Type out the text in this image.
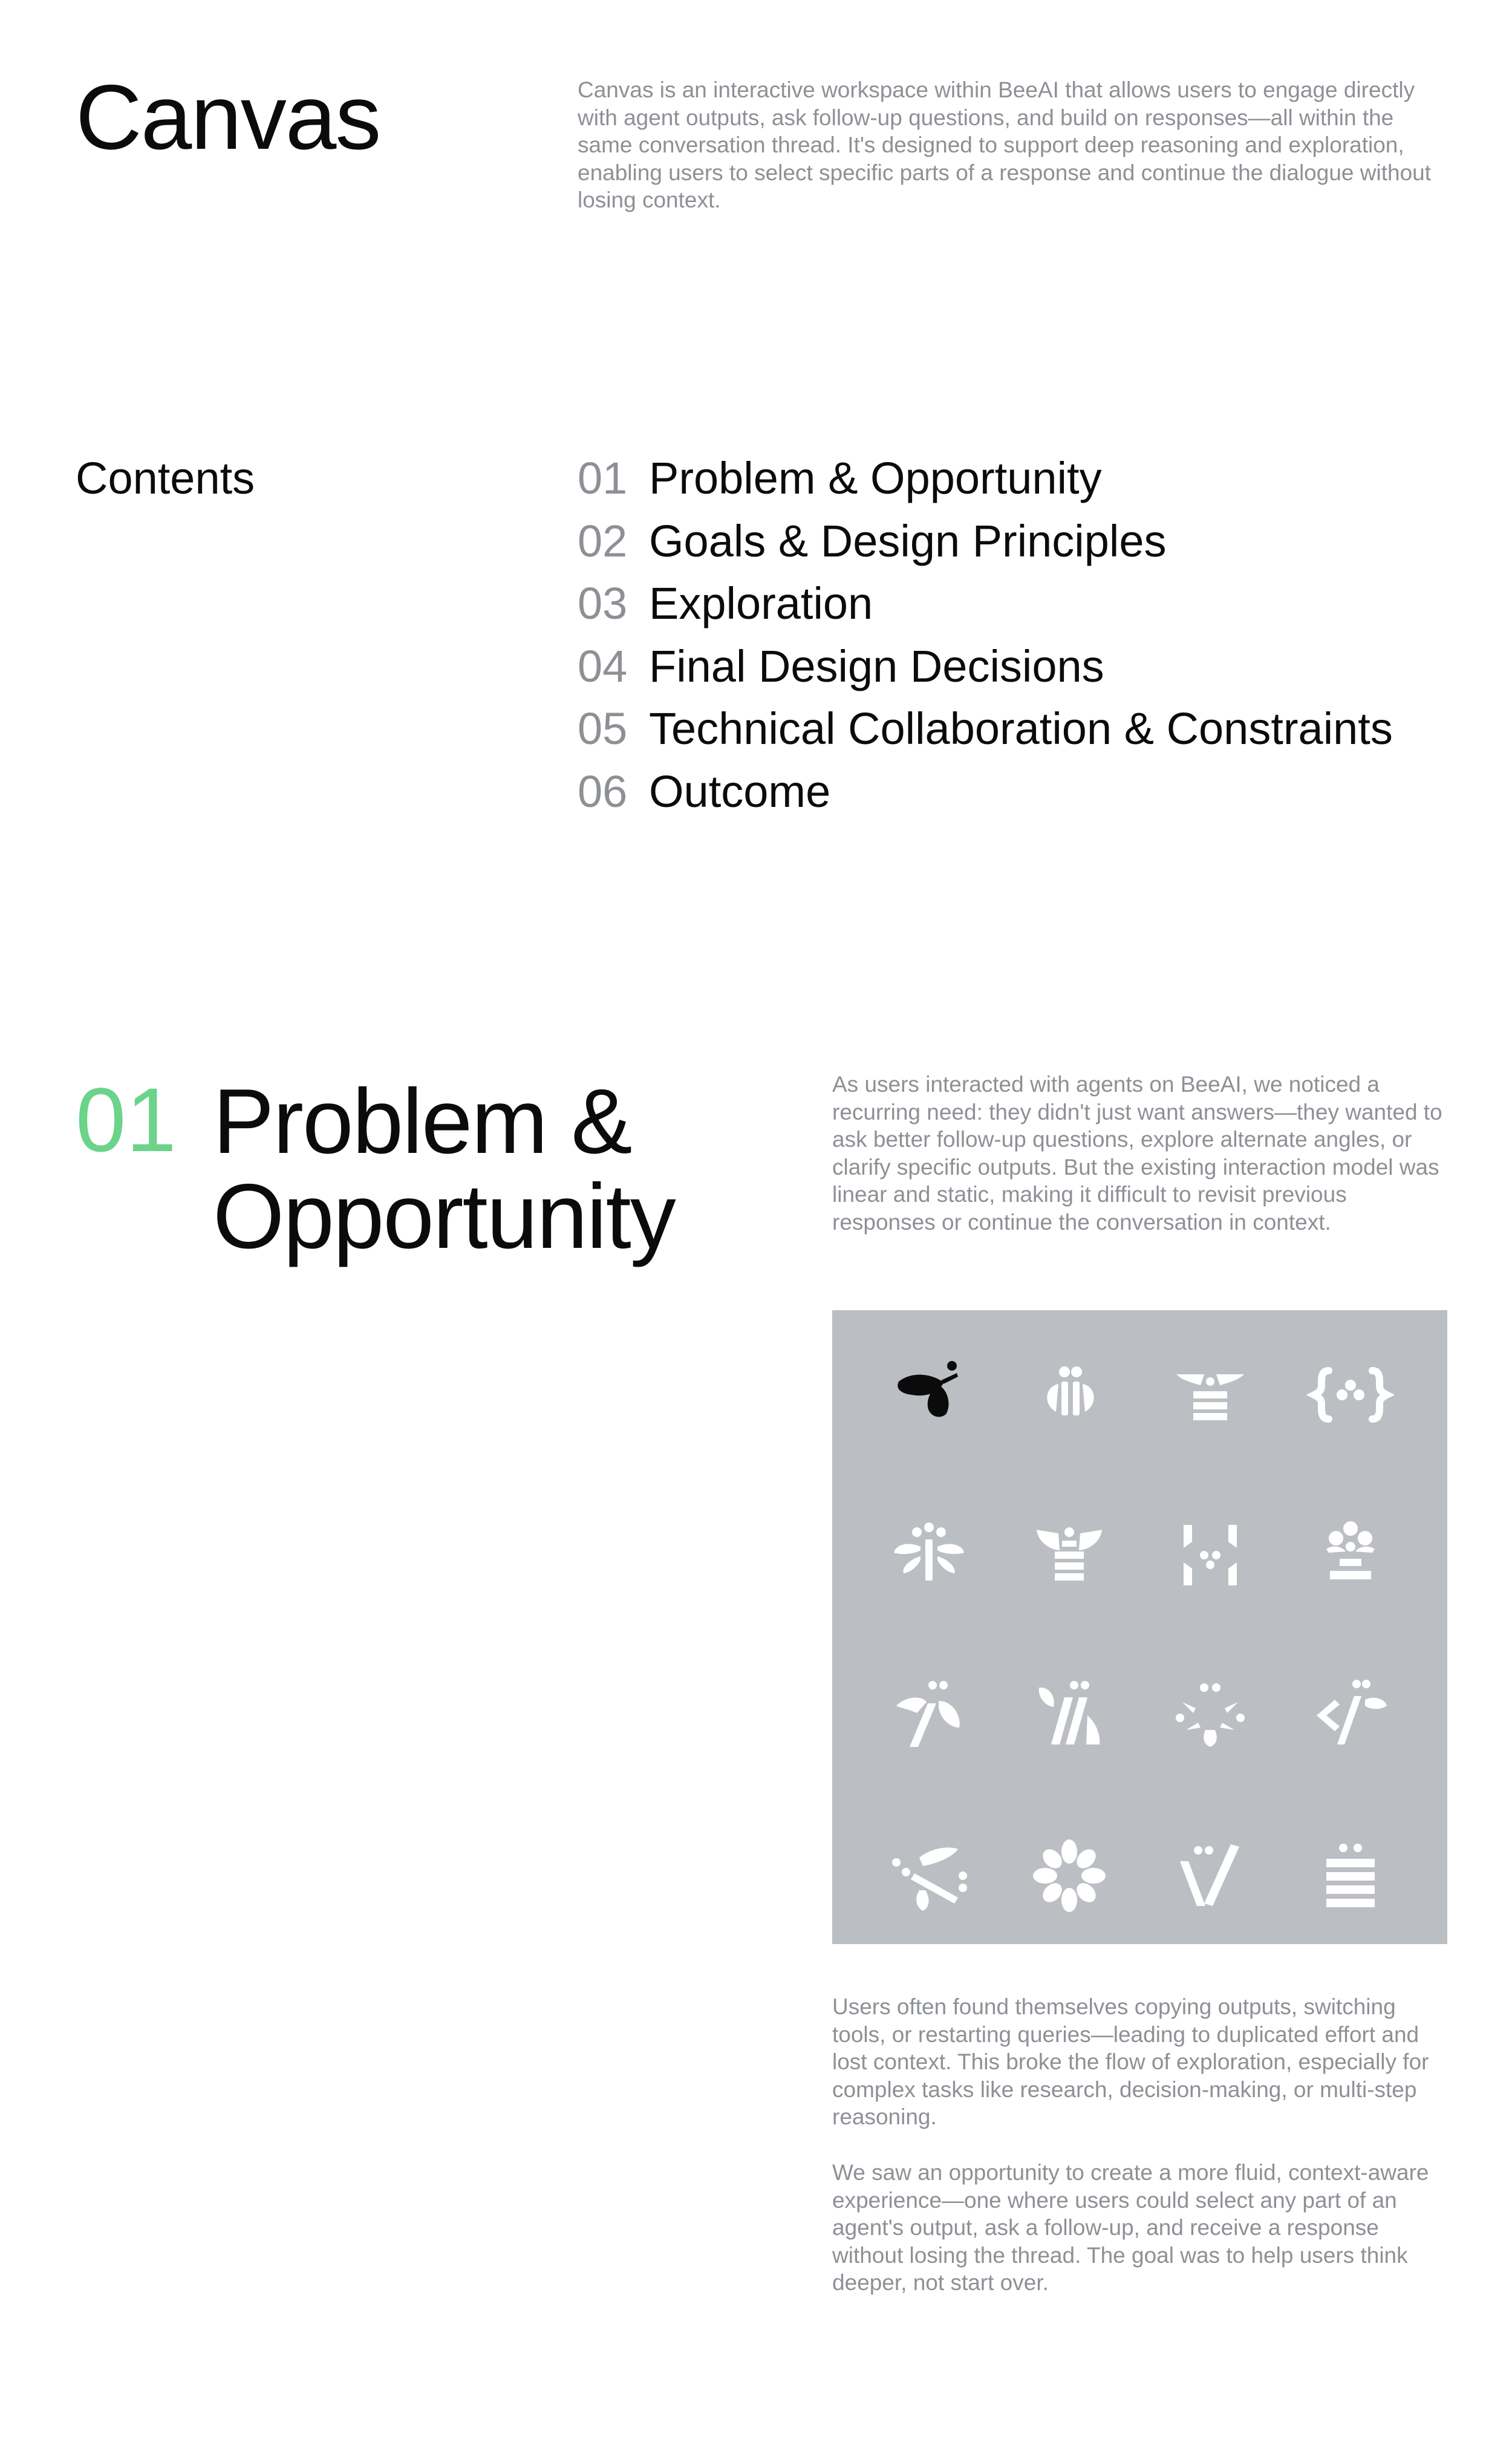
Canvas	Canvas is an interactive workspace within BeeAI that allows users to engage directly with agent outputs, ask follow-up questions, and build on responses—all within the same conversation thread. It's designed to support deep reasoning and exploration, enabling users to select specific parts of a response and continue the dialogue without losing context.
Contents	01 Problem & Opportunity
02 Goals & Design Principles
03 Exploration
04 Final Design Decisions
05 Technical Collaboration & Constraints
06 Outcome
01 Problem & Opportunity
As users interacted with agents on BeeAI, we noticed a recurring need: they didn't just want answers—they wanted to ask better follow-up questions, explore alternate angles, or clarify specific outputs. But the existing interaction model was linear and static, making it difficult to revisit previous responses or continue the conversation in context.
Users often found themselves copying outputs, switching tools, or restarting queries—leading to duplicated effort and lost context. This broke the flow of exploration, especially for complex tasks like research, decision-making, or multi-step reasoning.
We saw an opportunity to create a more fluid, context-aware experience—one where users could select any part of an agent's output, ask a follow-up, and receive a response without losing the thread. The goal was to help users think deeper, not start over.
